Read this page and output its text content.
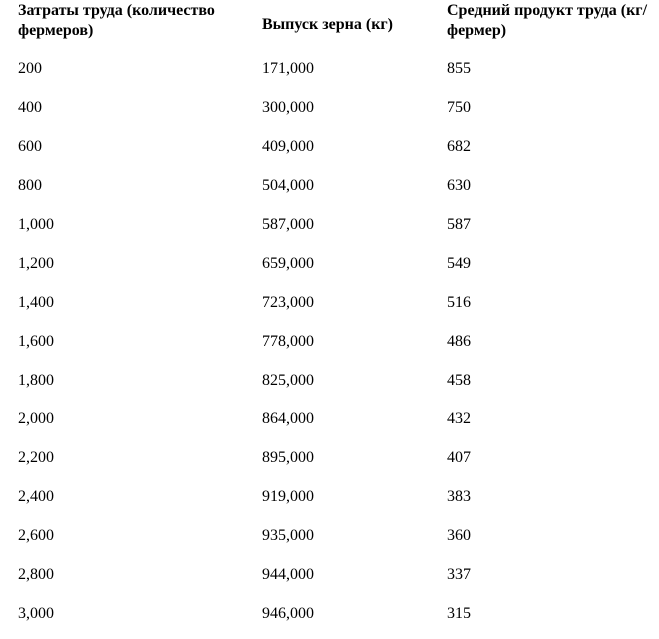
Затраты труда (количество фермеров)	Выпуск зерна (кг)	Средний продукт труда (кг/фермер)
200	171,000	855
400	300,000	750
600	409,000	682
800	504,000	630
1,000	587,000	587
1,200	659,000	549
1,400	723,000	516
1,600	778,000	486
1,800	825,000	458
2,000	864,000	432
2,200	895,000	407
2,400	919,000	383
2,600	935,000	360
2,800	944,000	337
3,000	946,000	315
